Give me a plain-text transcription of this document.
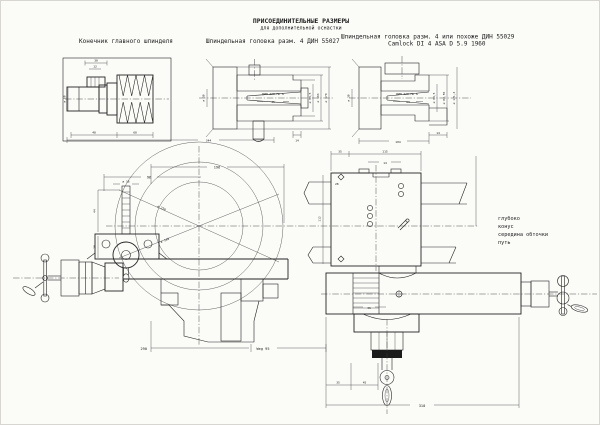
ПРИСОЕДИНИТЕЛЬНЫЕ РАЗМЕРЫ
для дополнительной оснастки
Конечник главного шпинделя	Шпиндельная головка разм. 4 ДИН 55027
Шпиндельная головка разм. 4 или похоже ДИН 55029
Camlock DI 4 ASA D 5.9 1960
30
12
ø 68
48	60
344
ДИН 228-Мк 6
45
ø 38	ø 63,5 ø 104 ø 170
14
ДИН 228-Мк 6
63
ø 38	ø 63,5 ø 82,55 ø 171,4
104
14
ø 250
ø 140
196
96
ø 16
44
28
290	Weg 95
35	115
14
28
112
36
35	45
310
глубоко
конус
середина обточки
путь
